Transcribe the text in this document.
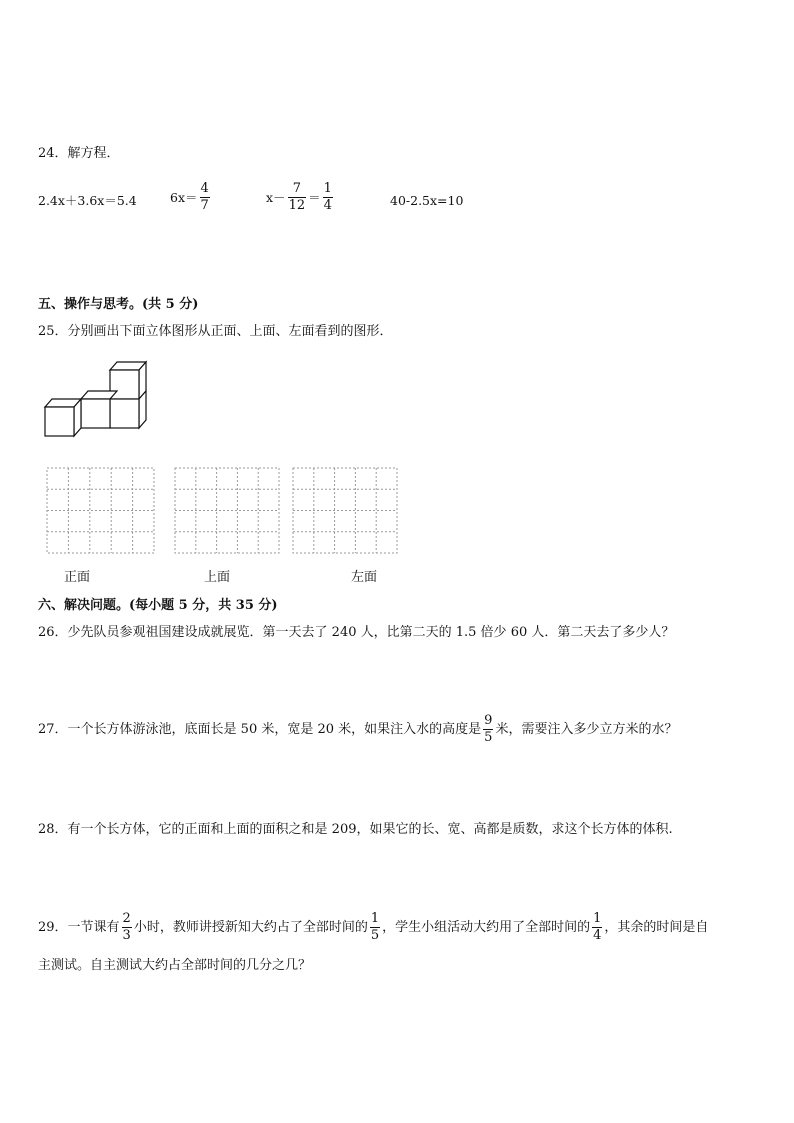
24．解方程．
2.4x＋3.6x＝5.4	$6x= \frac{4}{7}$	$x- \frac{7}{12} = \frac{1}{4}$	40-2.5x=10
五、操作与思考。(共 5 分)
25．分别画出下面立体图形从正面、上面、左面看到的图形．
正面	上面	左面
六、解决问题。(每小题 5 分，共 35 分)
26．少先队员参观祖国建设成就展览．第一天去了 240 人，比第二天的 1.5 倍少 60 人．第二天去了多少人？
27．一个长方体游泳池，底面长是 50 米，宽是 20 米，如果注入水的高度是 $\frac{9}{5}$ 米，需要注入多少立方米的水？
28．有一个长方体，它的正面和上面的面积之和是 209，如果它的长、宽、高都是质数，求这个长方体的体积.
29．一节课有 $\frac{2}{3}$ 小时，教师讲授新知大约占了全部时间的 $\frac{1}{5}$ ，学生小组活动大约用了全部时间的 $\frac{1}{4}$ ，其余的时间是自
主测试。自主测试大约占全部时间的几分之几？
